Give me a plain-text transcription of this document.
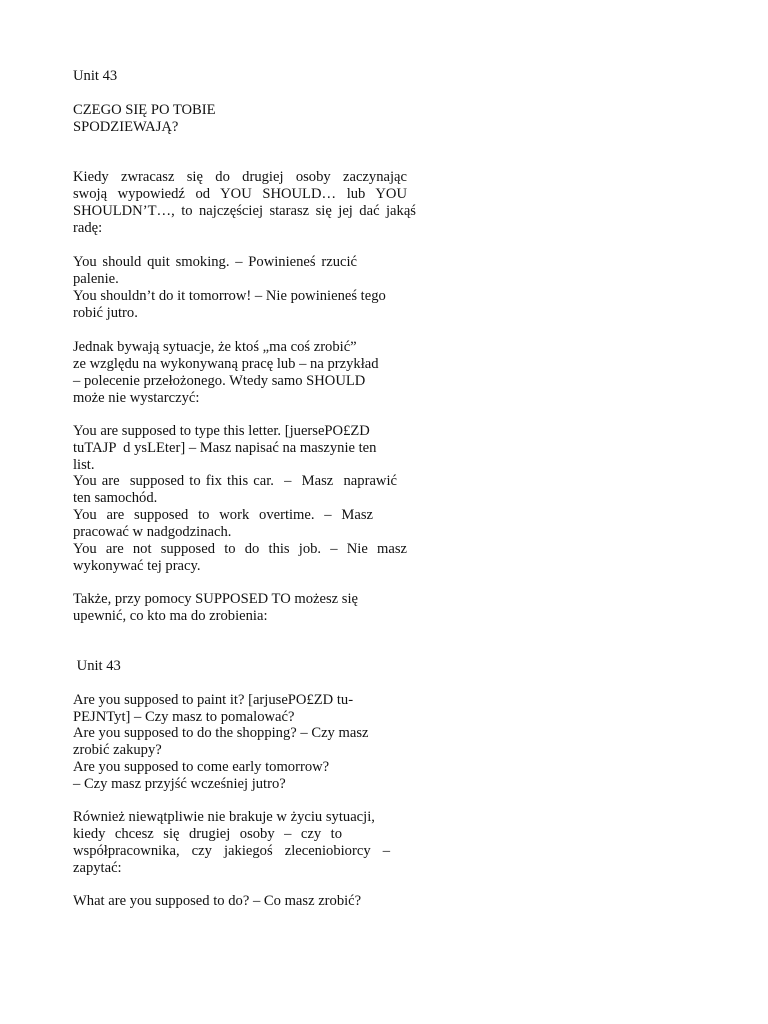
Unit 43
CZEGO SIĘ PO TOBIE
SPODZIEWAJĄ?
Kiedy zwracasz się do drugiej osoby zaczynając
swoją wypowiedź od YOU SHOULD… lub YOU
SHOULDN’T…, to najczęściej starasz się jej dać jakąś
radę:
You should quit smoking. – Powinieneś rzucić
palenie.
You shouldn’t do it tomorrow! – Nie powinieneś tego
robić jutro.
Jednak bywają sytuacje, że ktoś „ma coś zrobić”
ze względu na wykonywaną pracę lub – na przykład
– polecenie przełożonego. Wtedy samo SHOULD
może nie wystarczyć:
You are supposed to type this letter. [juersePO£ZD
tuTAJP  d ysLEter] – Masz napisać na maszynie ten
list.
You are  supposed to fix this car.  –  Masz  naprawić
ten samochód.
You are supposed to work overtime. – Masz
pracować w nadgodzinach.
You are not supposed to do this job. – Nie masz
wykonywać tej pracy.
Także, przy pomocy SUPPOSED TO możesz się
upewnić, co kto ma do zrobienia:
Unit 43
Are you supposed to paint it? [arjusePO£ZD tu-
PEJNTyt] – Czy masz to pomalować?
Are you supposed to do the shopping? – Czy masz
zrobić zakupy?
Are you supposed to come early tomorrow?
– Czy masz przyjść wcześniej jutro?
Również niewątpliwie nie brakuje w życiu sytuacji,
kiedy chcesz się drugiej osoby – czy to
współpracownika, czy jakiegoś zleceniobiorcy –
zapytać:
What are you supposed to do? – Co masz zrobić?
